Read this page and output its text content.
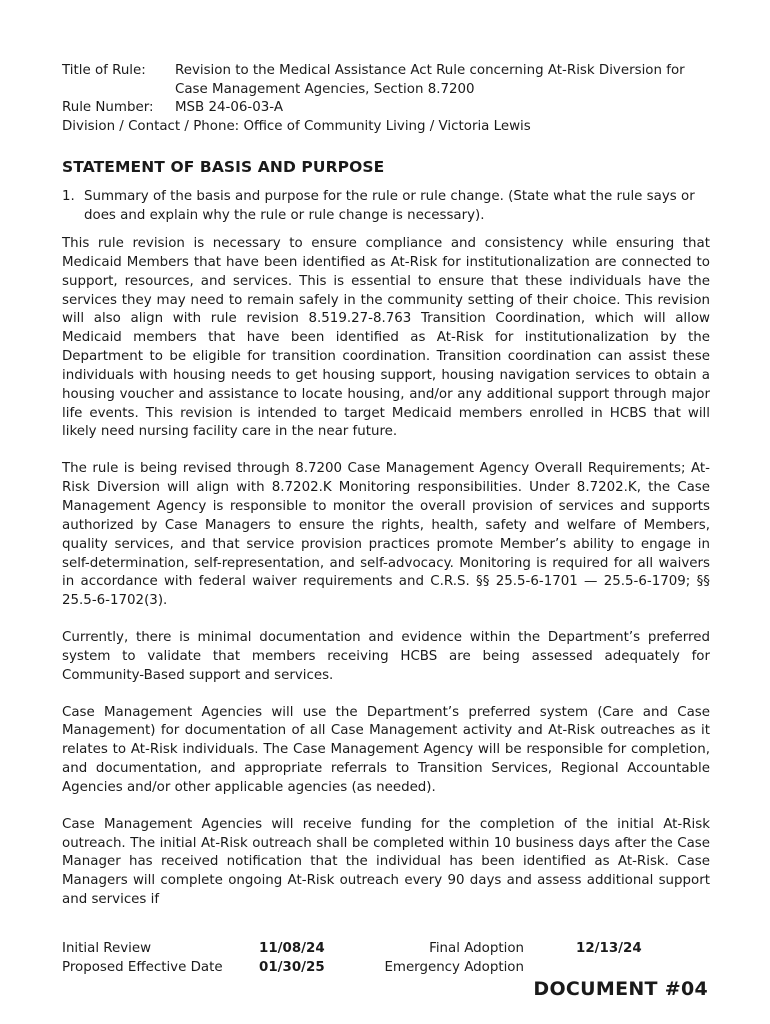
Title of Rule:	Revision to the Medical Assistance Act Rule concerning At-Risk Diversion for Case Management Agencies, Section 8.7200
Rule Number:	MSB 24-06-03-A
Division / Contact / Phone: Office of Community Living / Victoria Lewis
STATEMENT OF BASIS AND PURPOSE
1. Summary of the basis and purpose for the rule or rule change. (State what the rule says or does and explain why the rule or rule change is necessary).

This rule revision is necessary to ensure compliance and consistency while ensuring that Medicaid Members that have been identified as At-Risk for institutionalization are connected to support, resources, and services. This is essential to ensure that these individuals have the services they may need to remain safely in the community setting of their choice. This revision will also align with rule revision 8.519.27-8.763 Transition Coordination, which will allow Medicaid members that have been identified as At-Risk for institutionalization by the Department to be eligible for transition coordination. Transition coordination can assist these individuals with housing needs to get housing support, housing navigation services to obtain a housing voucher and assistance to locate housing, and/or any additional support through major life events. This revision is intended to target Medicaid members enrolled in HCBS that will likely need nursing facility care in the near future.

The rule is being revised through 8.7200 Case Management Agency Overall Requirements; At-Risk Diversion will align with 8.7202.K Monitoring responsibilities. Under 8.7202.K, the Case Management Agency is responsible to monitor the overall provision of services and supports authorized by Case Managers to ensure the rights, health, safety and welfare of Members, quality services, and that service provision practices promote Member’s ability to engage in self-determination, self-representation, and self-advocacy. Monitoring is required for all waivers in accordance with federal waiver requirements and C.R.S. §§ 25.5-6-1701 — 25.5-6-1709; §§ 25.5-6-1702(3).

Currently, there is minimal documentation and evidence within the Department’s preferred system to validate that members receiving HCBS are being assessed adequately for Community-Based support and services.

Case Management Agencies will use the Department’s preferred system (Care and Case Management) for documentation of all Case Management activity and At-Risk outreaches as it relates to At-Risk individuals. The Case Management Agency will be responsible for completion, and documentation, and appropriate referrals to Transition Services, Regional Accountable Agencies and/or other applicable agencies (as needed).

Case Management Agencies will receive funding for the completion of the initial At-Risk outreach. The initial At-Risk outreach shall be completed within 10 business days after the Case Manager has received notification that the individual has been identified as At-Risk. Case Managers will complete ongoing At-Risk outreach every 90 days and assess additional support and services if

Initial Review	11/08/24	Final Adoption	12/13/24
Proposed Effective Date	01/30/25	Emergency Adoption
DOCUMENT #04
